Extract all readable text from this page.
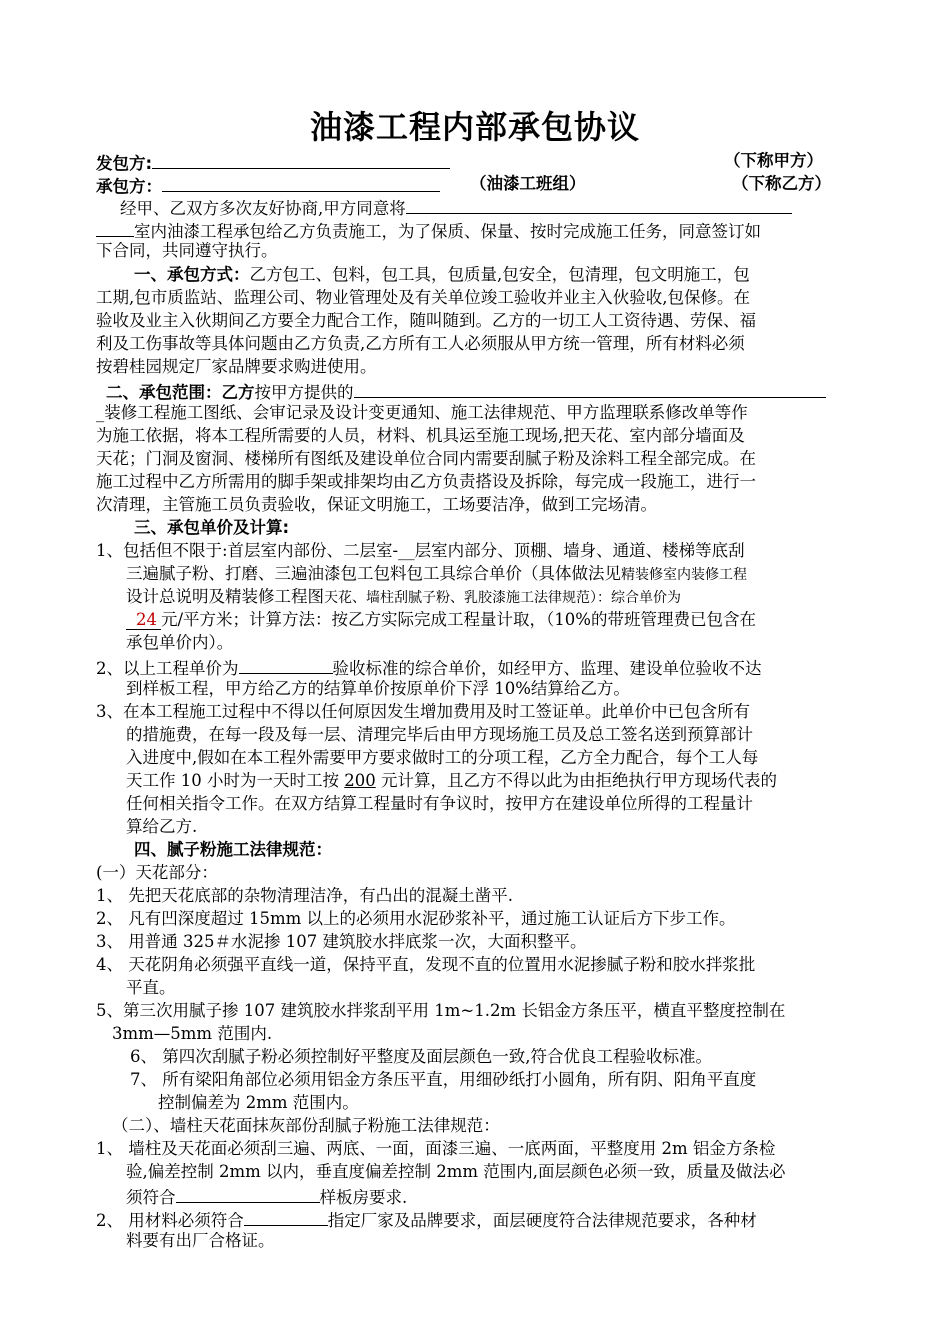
油漆工程内部承包协议
发包方:	（下称甲方）
承包方：	（油漆工班组）	（下称乙方）
经甲、乙双方多次友好协商,甲方同意将
室内油漆工程承包给乙方负责施工，为了保质、保量、按时完成施工任务，同意签订如
下合同，共同遵守执行。
一、承包方式：乙方包工、包料，包工具，包质量,包安全，包清理，包文明施工，包
工期,包市质监站、监理公司、物业管理处及有关单位竣工验收并业主入伙验收,包保修。在
验收及业主入伙期间乙方要全力配合工作，随叫随到。乙方的一切工人工资待遇、劳保、福
利及工伤事故等具体问题由乙方负责,乙方所有工人必须服从甲方统一管理，所有材料必须
按碧桂园规定厂家品牌要求购进使用。
二、承包范围：乙方按甲方提供的
_装修工程施工图纸、会审记录及设计变更通知、施工法律规范、甲方监理联系修改单等作
为施工依据，将本工程所需要的人员，材料、机具运至施工现场,把天花、室内部分墙面及
天花；门洞及窗洞、楼梯所有图纸及建设单位合同内需要刮腻子粉及涂料工程全部完成。在
施工过程中乙方所需用的脚手架或排架均由乙方负责搭设及拆除，每完成一段施工，进行一
次清理，主管施工员负责验收，保证文明施工，工场要洁净，做到工完场清。
三、承包单价及计算:
1、包括但不限于:首层室内部份、二层室-__层室内部分、顶棚、墙身、通道、楼梯等底刮
三遍腻子粉、打磨、三遍油漆包工包料包工具综合单价（具体做法见精装修室内装修工程
设计总说明及精装修工程图天花、墙柱刮腻子粉、乳胶漆施工法律规范）：综合单价为
24 元/平方米；计算方法：按乙方实际完成工程量计取，（10%的带班管理费已包含在
承包单价内）。
2、以上工程单价为	验收标准的综合单价，如经甲方、监理、建设单位验收不达
到样板工程，甲方给乙方的结算单价按原单价下浮 10%结算给乙方。
3、在本工程施工过程中不得以任何原因发生增加费用及时工签证单。此单价中已包含所有
的措施费，在每一段及每一层、清理完毕后由甲方现场施工员及总工签名送到预算部计
入进度中,假如在本工程外需要甲方要求做时工的分项工程，乙方全力配合，每个工人每
天工作 10 小时为一天时工按 200 元计算，且乙方不得以此为由拒绝执行甲方现场代表的
任何相关指令工作。在双方结算工程量时有争议时，按甲方在建设单位所得的工程量计
算给乙方.
四、腻子粉施工法律规范：
(一）天花部分：
1、 先把天花底部的杂物清理洁净，有凸出的混凝土凿平.
2、 凡有凹深度超过 15mm 以上的必须用水泥砂浆补平，通过施工认证后方下步工作。
3、 用普通 325＃水泥掺 107 建筑胶水拌底浆一次，大面积整平。
4、 天花阴角必须强平直线一道，保持平直，发现不直的位置用水泥掺腻子粉和胶水拌浆批
平直。
5、第三次用腻子掺 107 建筑胶水拌浆刮平用 1m~1.2m 长铝金方条压平，横直平整度控制在
3mm—5mm 范围内.
6、 第四次刮腻子粉必须控制好平整度及面层颜色一致,符合优良工程验收标准。
7、 所有梁阳角部位必须用铝金方条压平直，用细砂纸打小圆角，所有阴、阳角平直度
控制偏差为 2mm 范围内。
（二）、墙柱天花面抹灰部份刮腻子粉施工法律规范：
1、 墙柱及天花面必须刮三遍、两底、一面，面漆三遍、一底两面，平整度用 2m 铝金方条检
验,偏差控制 2mm 以内，垂直度偏差控制 2mm 范围内,面层颜色必须一致，质量及做法必
须符合	样板房要求.
2、 用材料必须符合	指定厂家及品牌要求，面层硬度符合法律规范要求，各种材
料要有出厂合格证。
